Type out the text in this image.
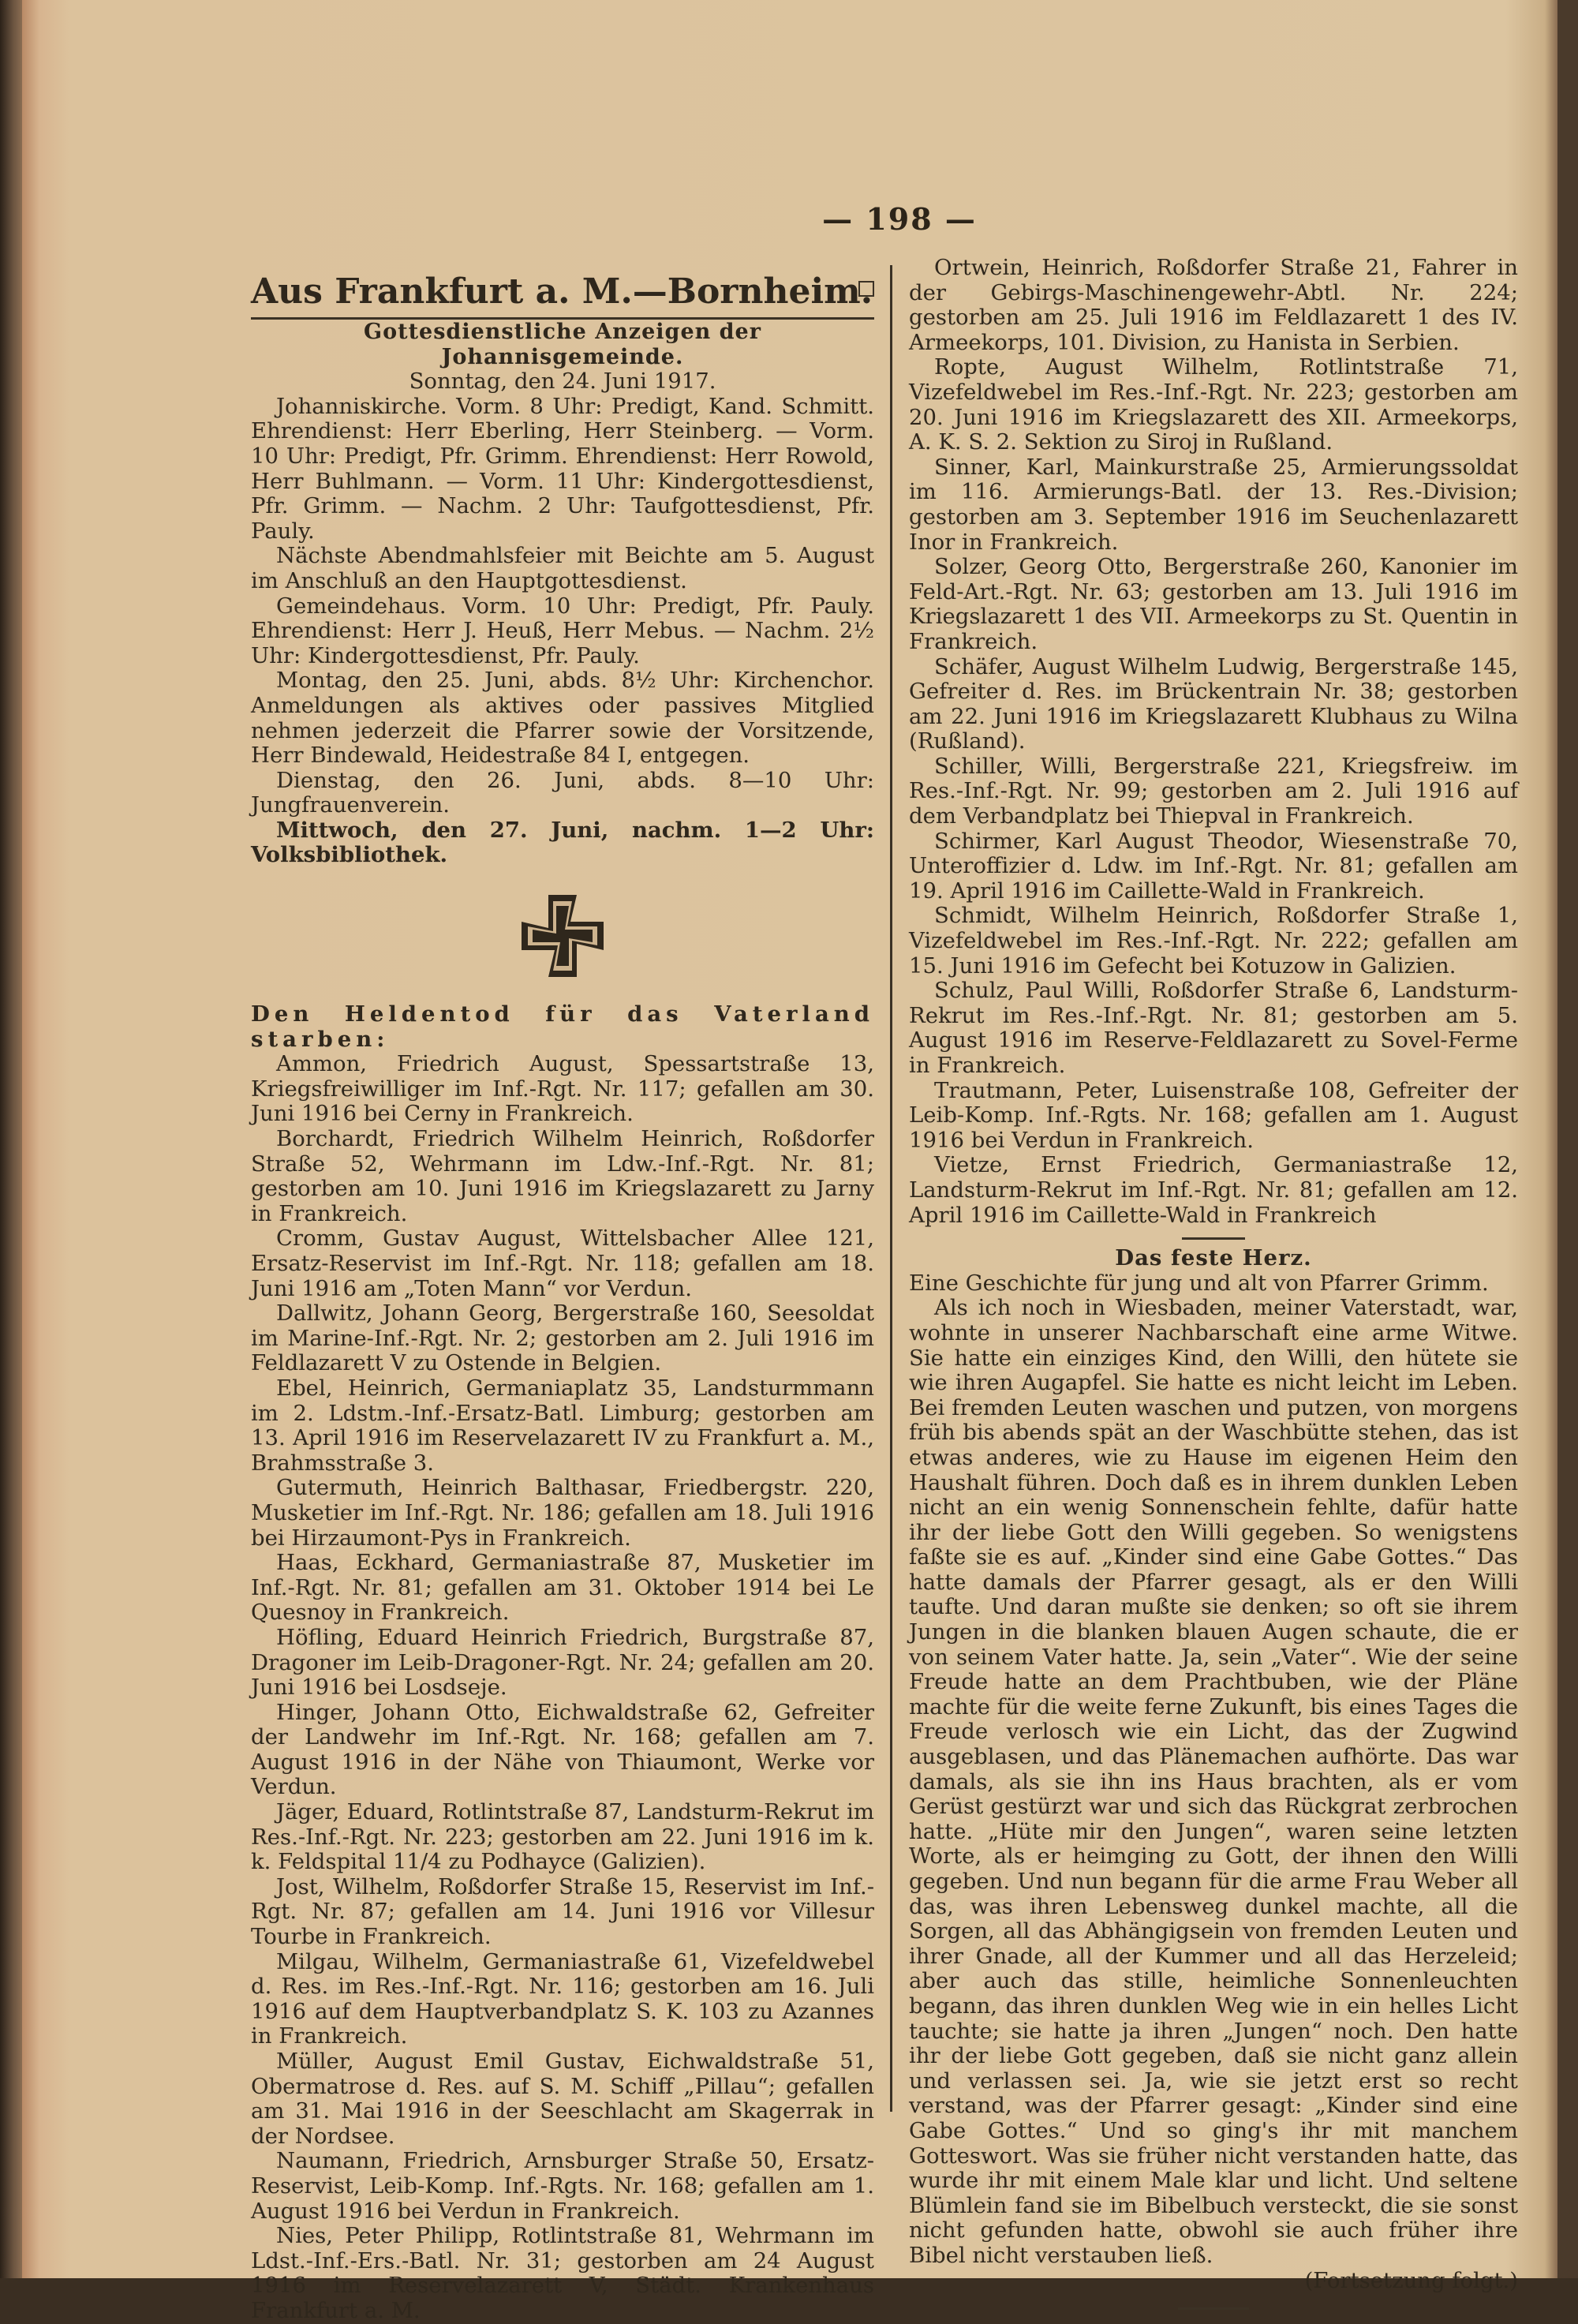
— 198 —

Aus Frankfurt a. M.—Bornheim.

Gottesdienstliche Anzeigen der Johannisgemeinde.

Sonntag, den 24. Juni 1917.

Johanniskirche. Vorm. 8 Uhr: Predigt, Kand. Schmitt. Ehrendienst: Herr Eberling, Herr Steinberg. — Vorm. 10 Uhr: Predigt, Pfr. Grimm. Ehrendienst: Herr Rowold, Herr Buhlmann. — Vorm. 11 Uhr: Kindergottesdienst, Pfr. Grimm. — Nachm. 2 Uhr: Taufgottesdienst, Pfr. Pauly.

Nächste Abendmahlsfeier mit Beichte am 5. August im Anschluß an den Hauptgottesdienst.

Gemeindehaus. Vorm. 10 Uhr: Predigt, Pfr. Pauly. Ehrendienst: Herr J. Heuß, Herr Mebus. — Nachm. 2½ Uhr: Kindergottesdienst, Pfr. Pauly.

Montag, den 25. Juni, abds. 8½ Uhr: Kirchenchor. Anmeldungen als aktives oder passives Mitglied nehmen jederzeit die Pfarrer sowie der Vorsitzende, Herr Bindewald, Heidestraße 84 I, entgegen.

Dienstag, den 26. Juni, abds. 8—10 Uhr: Jungfrauenverein.

Mittwoch, den 27. Juni, nachm. 1—2 Uhr: Volksbibliothek.

Den Heldentod für das Vaterland starben:

Ammon, Friedrich August, Spessartstraße 13, Kriegsfreiwilliger im Inf.-Rgt. Nr. 117; gefallen am 30. Juni 1916 bei Cerny in Frankreich.

Borchardt, Friedrich Wilhelm Heinrich, Roßdorfer Straße 52, Wehrmann im Ldw.-Inf.-Rgt. Nr. 81; gestorben am 10. Juni 1916 im Kriegslazarett zu Jarny in Frankreich.

Cromm, Gustav August, Wittelsbacher Allee 121, Ersatz-Reservist im Inf.-Rgt. Nr. 118; gefallen am 18. Juni 1916 am „Toten Mann“ vor Verdun.

Dallwitz, Johann Georg, Bergerstraße 160, Seesoldat im Marine-Inf.-Rgt. Nr. 2; gestorben am 2. Juli 1916 im Feldlazarett V zu Ostende in Belgien.

Ebel, Heinrich, Germaniaplatz 35, Landsturmmann im 2. Ldstm.-Inf.-Ersatz-Batl. Limburg; gestorben am 13. April 1916 im Reservelazarett IV zu Frankfurt a. M., Brahmsstraße 3.

Gutermuth, Heinrich Balthasar, Friedbergstr. 220, Musketier im Inf.-Rgt. Nr. 186; gefallen am 18. Juli 1916 bei Hirzaumont-Pys in Frankreich.

Haas, Eckhard, Germaniastraße 87, Musketier im Inf.-Rgt. Nr. 81; gefallen am 31. Oktober 1914 bei Le Quesnoy in Frankreich.

Höfling, Eduard Heinrich Friedrich, Burgstraße 87, Dragoner im Leib-Dragoner-Rgt. Nr. 24; gefallen am 20. Juni 1916 bei Losdseje.

Hinger, Johann Otto, Eichwaldstraße 62, Gefreiter der Landwehr im Inf.-Rgt. Nr. 168; gefallen am 7. August 1916 in der Nähe von Thiaumont, Werke vor Verdun.

Jäger, Eduard, Rotlintstraße 87, Landsturm-Rekrut im Res.-Inf.-Rgt. Nr. 223; gestorben am 22. Juni 1916 im k. k. Feldspital 11/4 zu Podhayce (Galizien).

Jost, Wilhelm, Roßdorfer Straße 15, Reservist im Inf.-Rgt. Nr. 87; gefallen am 14. Juni 1916 vor Villesur Tourbe in Frankreich.

Milgau, Wilhelm, Germaniastraße 61, Vizefeldwebel d. Res. im Res.-Inf.-Rgt. Nr. 116; gestorben am 16. Juli 1916 auf dem Hauptverbandplatz S. K. 103 zu Azannes in Frankreich.

Müller, August Emil Gustav, Eichwaldstraße 51, Obermatrose d. Res. auf S. M. Schiff „Pillau“; gefallen am 31. Mai 1916 in der Seeschlacht am Skagerrak in der Nordsee.

Naumann, Friedrich, Arnsburger Straße 50, Ersatz-Reservist, Leib-Komp. Inf.-Rgts. Nr. 168; gefallen am 1. August 1916 bei Verdun in Frankreich.

Nies, Peter Philipp, Rotlintstraße 81, Wehrmann im Ldst.-Inf.-Ers.-Batl. Nr. 31; gestorben am 24 August 1916 im Reservelazarett V, Städt. Krankenhaus Frankfurt a. M.

Ortwein, Heinrich, Roßdorfer Straße 21, Fahrer in der Gebirgs-Maschinengewehr-Abtl. Nr. 224; gestorben am 25. Juli 1916 im Feldlazarett 1 des IV. Armeekorps, 101. Division, zu Hanista in Serbien.

Ropte, August Wilhelm, Rotlintstraße 71, Vizefeldwebel im Res.-Inf.-Rgt. Nr. 223; gestorben am 20. Juni 1916 im Kriegslazarett des XII. Armeekorps, A. K. S. 2. Sektion zu Siroj in Rußland.

Sinner, Karl, Mainkurstraße 25, Armierungssoldat im 116. Armierungs-Batl. der 13. Res.-Division; gestorben am 3. September 1916 im Seuchenlazarett Inor in Frankreich.

Solzer, Georg Otto, Bergerstraße 260, Kanonier im Feld-Art.-Rgt. Nr. 63; gestorben am 13. Juli 1916 im Kriegslazarett 1 des VII. Armeekorps zu St. Quentin in Frankreich.

Schäfer, August Wilhelm Ludwig, Bergerstraße 145, Gefreiter d. Res. im Brückentrain Nr. 38; gestorben am 22. Juni 1916 im Kriegslazarett Klubhaus zu Wilna (Rußland).

Schiller, Willi, Bergerstraße 221, Kriegsfreiw. im Res.-Inf.-Rgt. Nr. 99; gestorben am 2. Juli 1916 auf dem Verbandplatz bei Thiepval in Frankreich.

Schirmer, Karl August Theodor, Wiesenstraße 70, Unteroffizier d. Ldw. im Inf.-Rgt. Nr. 81; gefallen am 19. April 1916 im Caillette-Wald in Frankreich.

Schmidt, Wilhelm Heinrich, Roßdorfer Straße 1, Vizefeldwebel im Res.-Inf.-Rgt. Nr. 222; gefallen am 15. Juni 1916 im Gefecht bei Kotuzow in Galizien.

Schulz, Paul Willi, Roßdorfer Straße 6, Landsturm-Rekrut im Res.-Inf.-Rgt. Nr. 81; gestorben am 5. August 1916 im Reserve-Feldlazarett zu Sovel-Ferme in Frankreich.

Trautmann, Peter, Luisenstraße 108, Gefreiter der Leib-Komp. Inf.-Rgts. Nr. 168; gefallen am 1. August 1916 bei Verdun in Frankreich.

Vietze, Ernst Friedrich, Germaniastraße 12, Landsturm-Rekrut im Inf.-Rgt. Nr. 81; gefallen am 12. April 1916 im Caillette-Wald in Frankreich

Das feste Herz.

Eine Geschichte für jung und alt von Pfarrer Grimm.

Als ich noch in Wiesbaden, meiner Vaterstadt, war, wohnte in unserer Nachbarschaft eine arme Witwe. Sie hatte ein einziges Kind, den Willi, den hütete sie wie ihren Augapfel. Sie hatte es nicht leicht im Leben. Bei fremden Leuten waschen und putzen, von morgens früh bis abends spät an der Waschbütte stehen, das ist etwas anderes, wie zu Hause im eigenen Heim den Haushalt führen. Doch daß es in ihrem dunklen Leben nicht an ein wenig Sonnenschein fehlte, dafür hatte ihr der liebe Gott den Willi gegeben. So wenigstens faßte sie es auf. „Kinder sind eine Gabe Gottes.“ Das hatte damals der Pfarrer gesagt, als er den Willi taufte. Und daran mußte sie denken; so oft sie ihrem Jungen in die blanken blauen Augen schaute, die er von seinem Vater hatte. Ja, sein „Vater“. Wie der seine Freude hatte an dem Prachtbuben, wie der Pläne machte für die weite ferne Zukunft, bis eines Tages die Freude verlosch wie ein Licht, das der Zugwind ausgeblasen, und das Plänemachen aufhörte. Das war damals, als sie ihn ins Haus brachten, als er vom Gerüst gestürzt war und sich das Rückgrat zerbrochen hatte. „Hüte mir den Jungen“, waren seine letzten Worte, als er heimging zu Gott, der ihnen den Willi gegeben. Und nun begann für die arme Frau Weber all das, was ihren Lebensweg dunkel machte, all die Sorgen, all das Abhängigsein von fremden Leuten und ihrer Gnade, all der Kummer und all das Herzeleid; aber auch das stille, heimliche Sonnenleuchten begann, das ihren dunklen Weg wie in ein helles Licht tauchte; sie hatte ja ihren „Jungen“ noch. Den hatte ihr der liebe Gott gegeben, daß sie nicht ganz allein und verlassen sei. Ja, wie sie jetzt erst so recht verstand, was der Pfarrer gesagt: „Kinder sind eine Gabe Gottes.“ Und so ging's ihr mit manchem Gotteswort. Was sie früher nicht verstanden hatte, das wurde ihr mit einem Male klar und licht. Und seltene Blümlein fand sie im Bibelbuch versteckt, die sie sonst nicht gefunden hatte, obwohl sie auch früher ihre Bibel nicht verstauben ließ.

(Fortsetzung folgt.)
